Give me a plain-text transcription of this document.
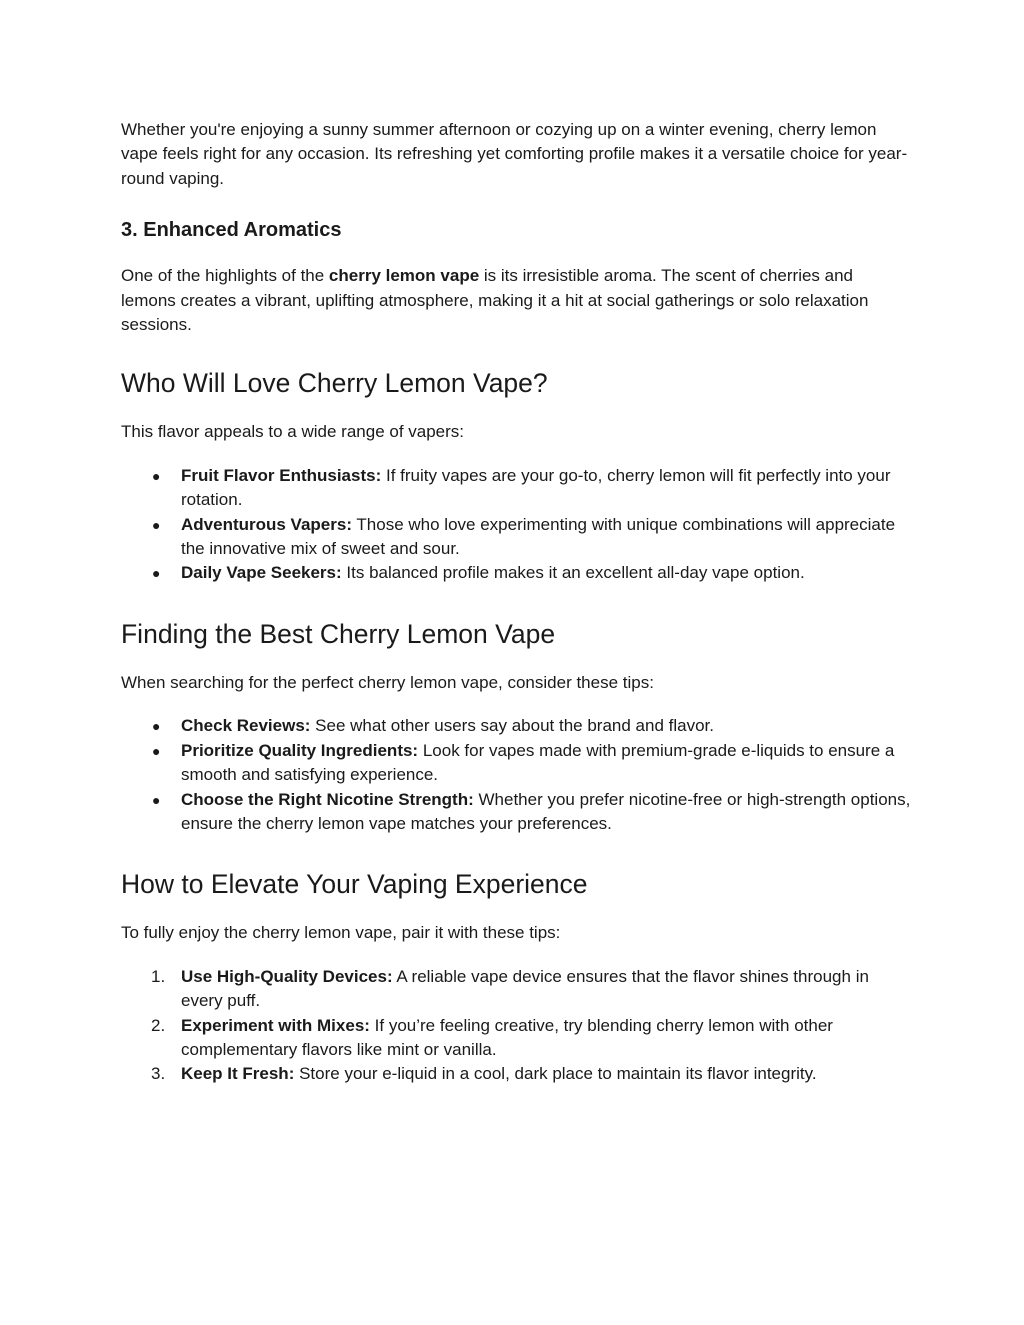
Whether you're enjoying a sunny summer afternoon or cozying up on a winter evening, cherry lemon vape feels right for any occasion. Its refreshing yet comforting profile makes it a versatile choice for year-round vaping.

3. Enhanced Aromatics

One of the highlights of the cherry lemon vape is its irresistible aroma. The scent of cherries and lemons creates a vibrant, uplifting atmosphere, making it a hit at social gatherings or solo relaxation sessions.

Who Will Love Cherry Lemon Vape?

This flavor appeals to a wide range of vapers:

● Fruit Flavor Enthusiasts: If fruity vapes are your go-to, cherry lemon will fit perfectly into your rotation.
● Adventurous Vapers: Those who love experimenting with unique combinations will appreciate the innovative mix of sweet and sour.
● Daily Vape Seekers: Its balanced profile makes it an excellent all-day vape option.
Finding the Best Cherry Lemon Vape

When searching for the perfect cherry lemon vape, consider these tips:

● Check Reviews: See what other users say about the brand and flavor.
● Prioritize Quality Ingredients: Look for vapes made with premium-grade e-liquids to ensure a smooth and satisfying experience.
● Choose the Right Nicotine Strength: Whether you prefer nicotine-free or high-strength options, ensure the cherry lemon vape matches your preferences.
How to Elevate Your Vaping Experience

To fully enjoy the cherry lemon vape, pair it with these tips:

1. Use High-Quality Devices: A reliable vape device ensures that the flavor shines through in every puff.
2. Experiment with Mixes: If you’re feeling creative, try blending cherry lemon with other complementary flavors like mint or vanilla.
3. Keep It Fresh: Store your e-liquid in a cool, dark place to maintain its flavor integrity.
